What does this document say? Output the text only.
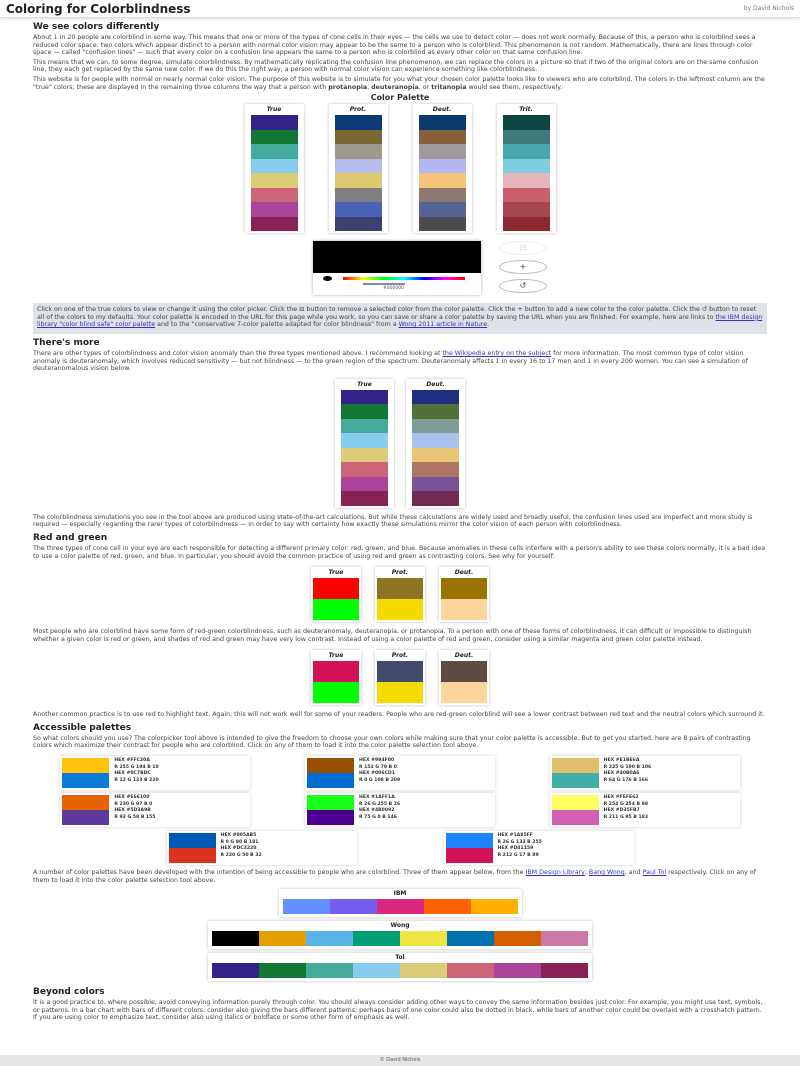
Coloring for Colorblindness	by David Nichols
We see colors differently

About 1 in 20 people are colorblind in some way. This means that one or more of the types of cone cells in their eyes — the cells we use to detect color — does not work normally. Because of this, a person who is colorblind sees a reduced color space: two colors which appear distinct to a person with normal color vision may appear to be the same to a person who is colorblind. This phenomenon is not random. Mathematically, there are lines through color space — called "confusion lines" — such that every color on a confusion line appears the same to a person who is colorblind as every other color on that same confusion line.

This means that we can, to some degree, simulate colorblindness. By mathematically replicating the confusion line phenomenon, we can replace the colors in a picture so that if two of the original colors are on the same confusion line, they each get replaced by the same new color. If we do this the right way, a person with normal color vision can experience something like colorblindness.

This website is for people with normal or nearly normal color vision. The purpose of this website is to simulate for you what your chosen color palette looks like to viewers who are colorblind. The colors in the leftmost column are the "true" colors; these are displayed in the remaining three columns the way that a person with protanopia, deuteranopia, or tritanopia would see them, respectively.

Color Palette
True	Prot.	Deut.	Trit.
#000000
⊟
+
↺

Click on one of the true colors to view or change it using the color picker. Click the ⊟ button to remove a selected color from the color palette. Click the + button to add a new color to the color palette. Click the ↺ button to reset all of the colors to my defaults. Your color palette is encoded in the URL for this page while you work, so you can save or share a color palette by saving the URL when you are finished. For example, here are links to the IBM design library "color blind safe" color palette and to the "conservative 7-color palette adapted for color blindness" from a Wong 2011 article in Nature.

There's more

There are other types of colorblindness and color vision anomaly than the three types mentioned above. I recommend looking at the Wikipedia entry on the subject for more information. The most common type of color vision anomaly is deuteranomaly, which involves reduced sensitivity — but not blindness — to the green region of the spectrum. Deuteranomaly affects 1 in every 16 to 17 men and 1 in every 200 women. You can see a simulation of deuteranomalous vision below.

True	Deut.

The colorblindness simulations you see in the tool above are produced using state-of-the-art calculations. But while these calculations are widely used and broadly useful, the confusion lines used are imperfect and more study is required — especially regarding the rarer types of colorblindness — in order to say with certainty how exactly these simulations mirror the color vision of each person with colorblindness.

Red and green

The three types of cone cell in your eye are each responsible for detecting a different primary color: red, green, and blue. Because anomalies in these cells interfere with a person's ability to see these colors normally, it is a bad idea to use a color palette of red, green, and blue. In particular, you should avoid the common practice of using red and green as contrasting colors. See why for yourself:

True	Prot.	Deut.

Most people who are colorblind have some form of red-green colorblindness, such as deuteranomaly, deuteranopia, or protanopia. To a person with one of these forms of colorblindness, it can difficult or impossible to distinguish whether a given color is red or green, and shades of red and green may have very low contrast. Instead of using a color palette of red and green, consider using a similar magenta and green color palette instead.

True	Prot.	Deut.

Another common practice is to use red to highlight text. Again, this will not work well for some of your readers. People who are red-green colorblind will see a lower contrast between red text and the neutral colors which surround it.

Accessible palettes

So what colors should you use? The colorpicker tool above is intended to give the freedom to choose your own colors while making sure that your color palette is accessible. But to get you started, here are 8 pairs of contrasting colors which maximize their contrast for people who are colorblind. Click on any of them to load it into the color palette selection tool above.

HEX #FFC20A
R 255 G 194 B 10
HEX #0C7BDC
R 12 G 123 B 220
HEX #994F00
R 153 G 79 B 0
HEX #006CD1
R 0 G 108 B 209
HEX #E1BE6A
R 225 G 190 B 106
HEX #40B0A6
R 64 G 176 B 166
HEX #E66100
R 230 G 97 B 0
HEX #5D3A9B
R 93 G 58 B 155
HEX #1AFF1A
R 26 G 255 B 26
HEX #4B0092
R 75 G 0 B 146
HEX #FEFE62
R 254 G 254 B 98
HEX #D35FB7
R 211 G 95 B 183
HEX #005AB5
R 0 G 90 B 181
HEX #DC3220
R 220 G 50 B 32
HEX #1A85FF
R 26 G 133 B 255
HEX #D41159
R 212 G 17 B 89

A number of color palettes have been developed with the intention of being accessible to people who are colorblind. Three of them appear below, from the IBM Design Library, Bang Wong, and Paul Tol respectively. Click on any of them to load it into the color palette selection tool above.

IBM
Wong
Tol
Beyond colors

It is a good practice to, where possible, avoid conveying information purely through color. You should always consider adding other ways to convey the same information besides just color. For example, you might use text, symbols, or patterns. In a bar chart with bars of different colors, consider also giving the bars different patterns; perhaps bars of one color could also be dotted in black, while bars of another color could be overlaid with a crosshatch pattern. If you are using color to emphasize text, consider also using italics or boldface or some other form of emphasis as well.

© David Nichols
